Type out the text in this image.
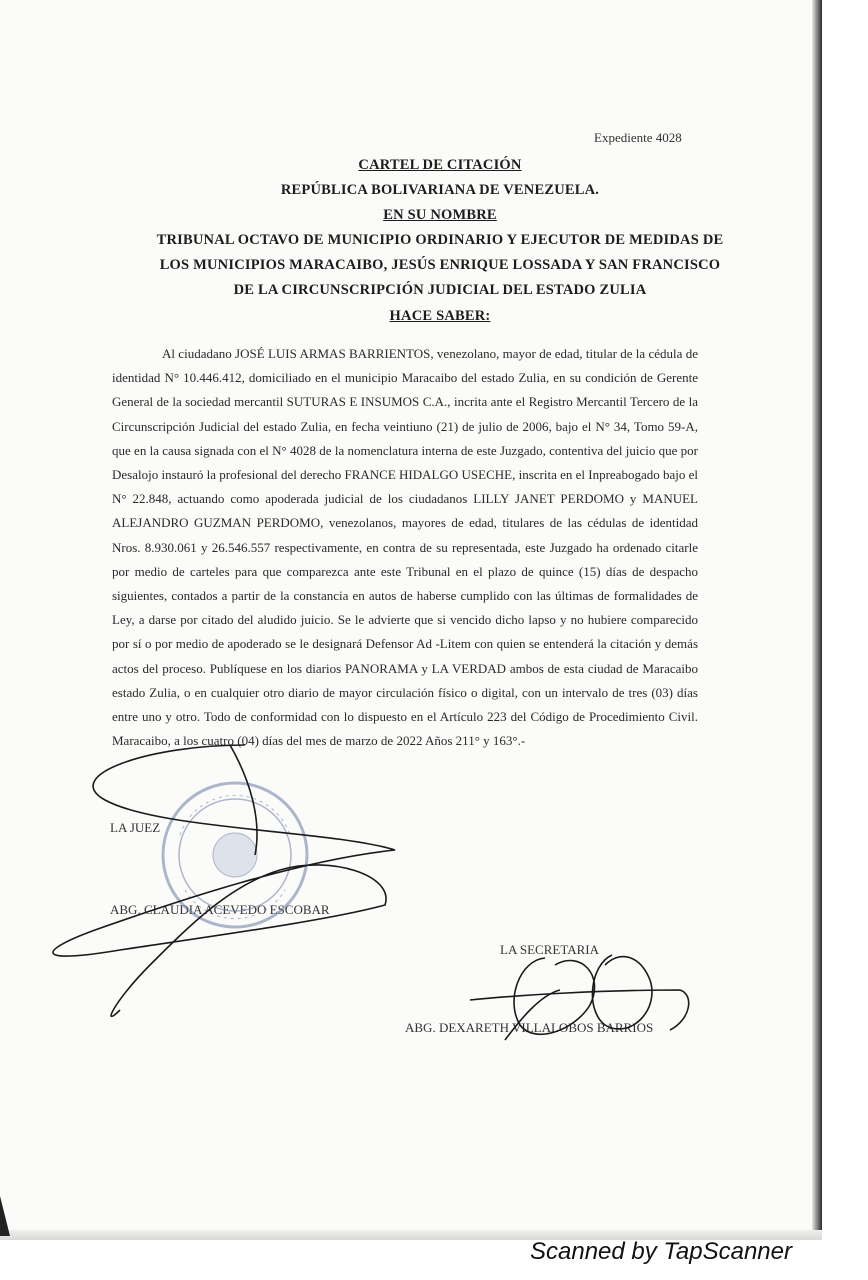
Expediente 4028
CARTEL DE CITACIÓN
REPÚBLICA BOLIVARIANA DE VENEZUELA.
EN SU NOMBRE
TRIBUNAL OCTAVO DE MUNICIPIO ORDINARIO Y EJECUTOR DE MEDIDAS DE
LOS MUNICIPIOS MARACAIBO, JESÚS ENRIQUE LOSSADA Y SAN FRANCISCO
DE LA CIRCUNSCRIPCIÓN JUDICIAL DEL ESTADO ZULIA
HACE SABER:
Al ciudadano JOSÉ LUIS ARMAS BARRIENTOS, venezolano, mayor de edad, titular de la cédula de identidad N° 10.446.412, domiciliado en el municipio Maracaibo del estado Zulia, en su condición de Gerente General de la sociedad mercantil SUTURAS E INSUMOS C.A., incrita ante el Registro Mercantil Tercero de la Circunscripción Judicial del estado Zulia, en fecha veintiuno (21) de julio de 2006, bajo el N° 34, Tomo 59-A, que en la causa signada con el N° 4028 de la nomenclatura interna de este Juzgado, contentiva del juicio que por Desalojo instauró la profesional del derecho FRANCE HIDALGO USECHE, inscrita en el Inpreabogado bajo el N° 22.848, actuando como apoderada judicial de los ciudadanos LILLY JANET PERDOMO y MANUEL ALEJANDRO GUZMAN PERDOMO, venezolanos, mayores de edad, titulares de las cédulas de identidad Nros. 8.930.061 y 26.546.557 respectivamente, en contra de su representada, este Juzgado ha ordenado citarle por medio de carteles para que comparezca ante este Tribunal en el plazo de quince (15) días de despacho siguientes, contados a partir de la constancia en autos de haberse cumplido con las últimas de formalidades de Ley, a darse por citado del aludido juicio. Se le advierte que si vencido dicho lapso y no hubiere comparecido por sí o por medio de apoderado se le designará Defensor Ad -Litem con quien se entenderá la citación y demás actos del proceso. Publíquese en los diarios PANORAMA y LA VERDAD ambos de esta ciudad de Maracaibo estado Zulia, o en cualquier otro diario de mayor circulación físico o digital, con un intervalo de tres (03) días entre uno y otro. Todo de conformidad con lo dispuesto en el Artículo 223 del Código de Procedimiento Civil. Maracaibo, a los cuatro (04) días del mes de marzo de 2022 Años 211° y 163°.-
LA JUEZ
ABG. CLAUDIA ACEVEDO ESCOBAR
LA SECRETARIA
ABG. DEXARETH VILLALOBOS BARRIOS
Scanned by TapScanner
